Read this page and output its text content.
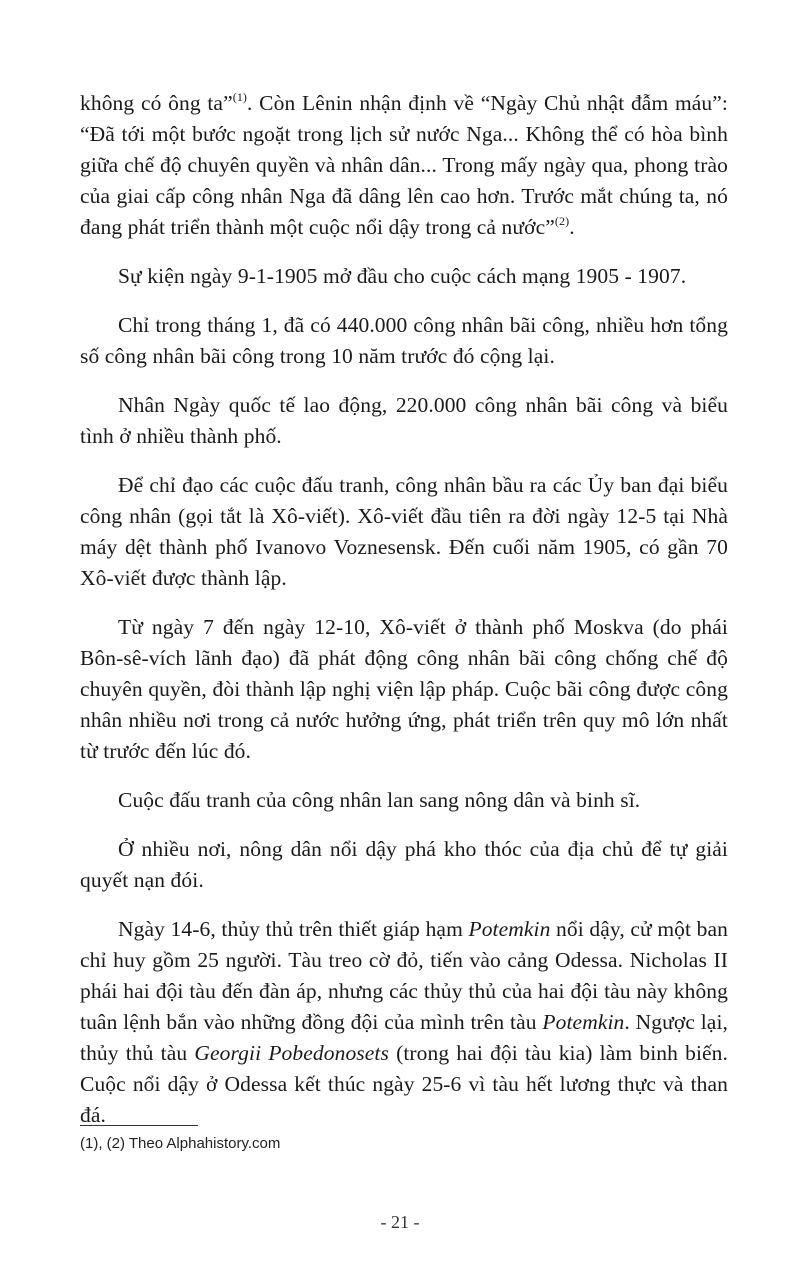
không có ông ta”$^{(1)}$. Còn Lênin nhận định về “Ngày Chủ nhật đẫm máu”: “Đã tới một bước ngoặt trong lịch sử nước Nga... Không thể có hòa bình giữa chế độ chuyên quyền và nhân dân... Trong mấy ngày qua, phong trào của giai cấp công nhân Nga đã dâng lên cao hơn. Trước mắt chúng ta, nó đang phát triển thành một cuộc nổi dậy trong cả nước”$^{(2)}$.

Sự kiện ngày 9-1-1905 mở đầu cho cuộc cách mạng 1905 - 1907.

Chỉ trong tháng 1, đã có 440.000 công nhân bãi công, nhiều hơn tổng số công nhân bãi công trong 10 năm trước đó cộng lại.

Nhân Ngày quốc tế lao động, 220.000 công nhân bãi công và biểu tình ở nhiều thành phố.

Để chỉ đạo các cuộc đấu tranh, công nhân bầu ra các Ủy ban đại biểu công nhân (gọi tắt là Xô-viết). Xô-viết đầu tiên ra đời ngày 12-5 tại Nhà máy dệt thành phố Ivanovo Voznesensk. Đến cuối năm 1905, có gần 70 Xô-viết được thành lập.

Từ ngày 7 đến ngày 12-10, Xô-viết ở thành phố Moskva (do phái Bôn-sê-vích lãnh đạo) đã phát động công nhân bãi công chống chế độ chuyên quyền, đòi thành lập nghị viện lập pháp. Cuộc bãi công được công nhân nhiều nơi trong cả nước hưởng ứng, phát triển trên quy mô lớn nhất từ trước đến lúc đó.

Cuộc đấu tranh của công nhân lan sang nông dân và binh sĩ.

Ở nhiều nơi, nông dân nổi dậy phá kho thóc của địa chủ để tự giải quyết nạn đói.

Ngày 14-6, thủy thủ trên thiết giáp hạm Potemkin nổi dậy, cử một ban chỉ huy gồm 25 người. Tàu treo cờ đỏ, tiến vào cảng Odessa. Nicholas II phái hai đội tàu đến đàn áp, nhưng các thủy thủ của hai đội tàu này không tuân lệnh bắn vào những đồng đội của mình trên tàu Potemkin. Ngược lại, thủy thủ tàu Georgii Pobedonosets (trong hai đội tàu kia) làm binh biến. Cuộc nổi dậy ở Odessa kết thúc ngày 25-6 vì tàu hết lương thực và than đá.

(1), (2) Theo Alphahistory.com
- 21 -
